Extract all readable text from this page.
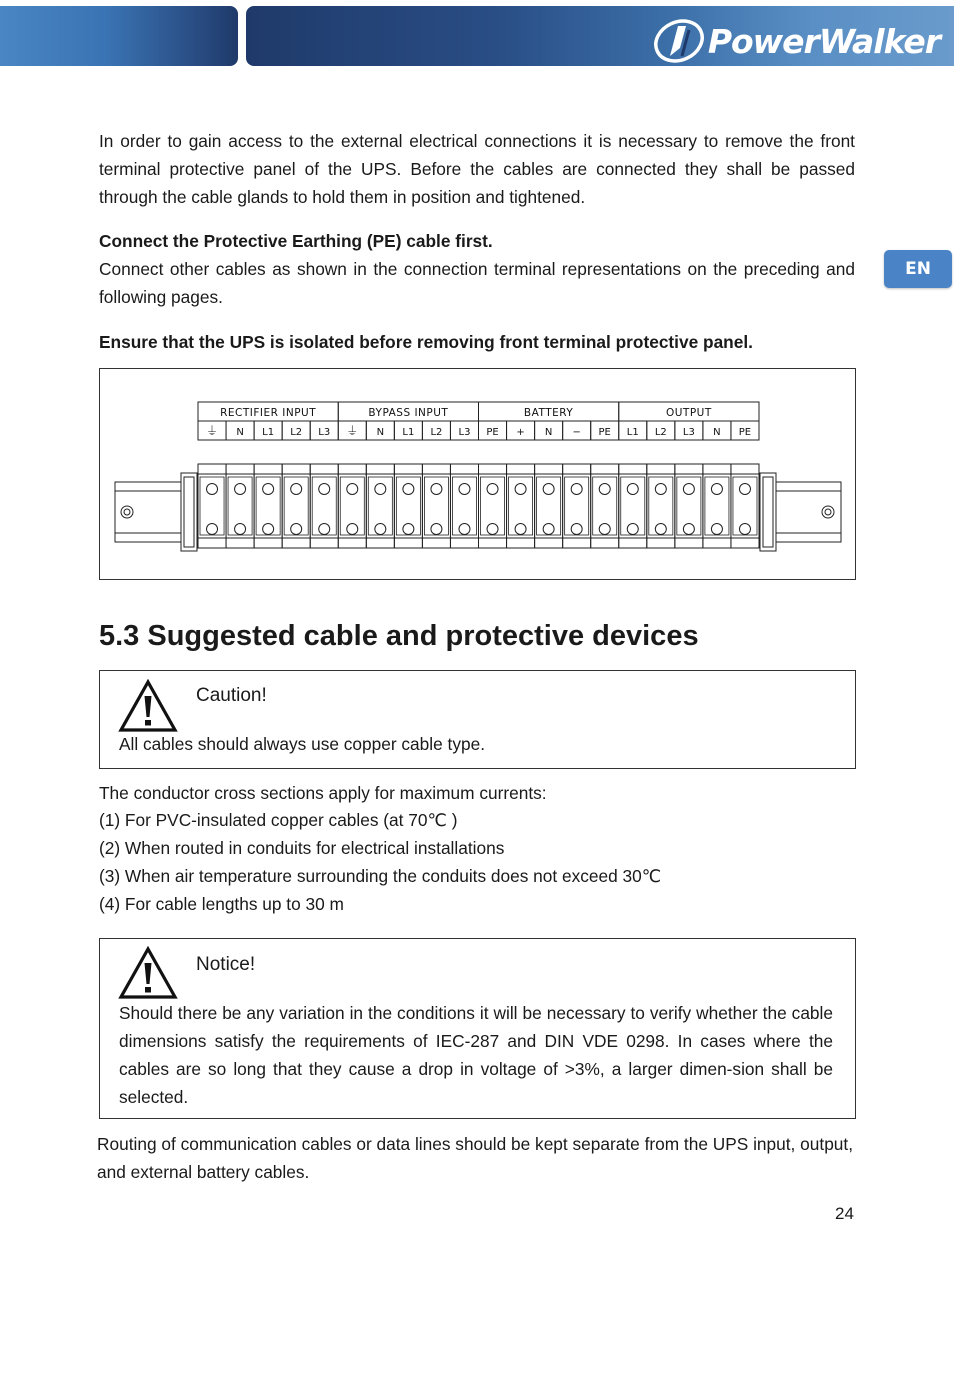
PowerWalker
EN

In order to gain access to the external electrical connections it is necessary to remove the front terminal protective panel of the UPS. Before the cables are connected they shall be passed through the cable glands to hold them in position and tightened.

Connect the Protective Earthing (PE) cable first.

Connect other cables as shown in the connection terminal representations on the preceding and following pages.

Ensure that the UPS is isolated before removing front terminal protective panel.

RECTIFIER INPUT	BYPASS INPUT	BATTERY	OUTPUT
⏚ N L1 L2 L3 ⏚ N L1 L2 L3 PE + N − PE L1 L2 L3 N PE
5.3 Suggested cable and protective devices
Caution!

All cables should always use copper cable type.

The conductor cross sections apply for maximum currents:

(1) For PVC-insulated copper cables (at 70℃ )

(2) When routed in conduits for electrical installations

(3) When air temperature surrounding the conduits does not exceed 30℃

(4) For cable lengths up to 30 m

Notice!

Should there be any variation in the conditions it will be necessary to verify whether the cable dimensions satisfy the requirements of IEC-287 and DIN VDE 0298. In cases where the cables are so long that they cause a drop in voltage of >3%, a larger dimen-sion shall be selected.

Routing of communication cables or data lines should be kept separate from the UPS input, output, and external battery cables.

24
